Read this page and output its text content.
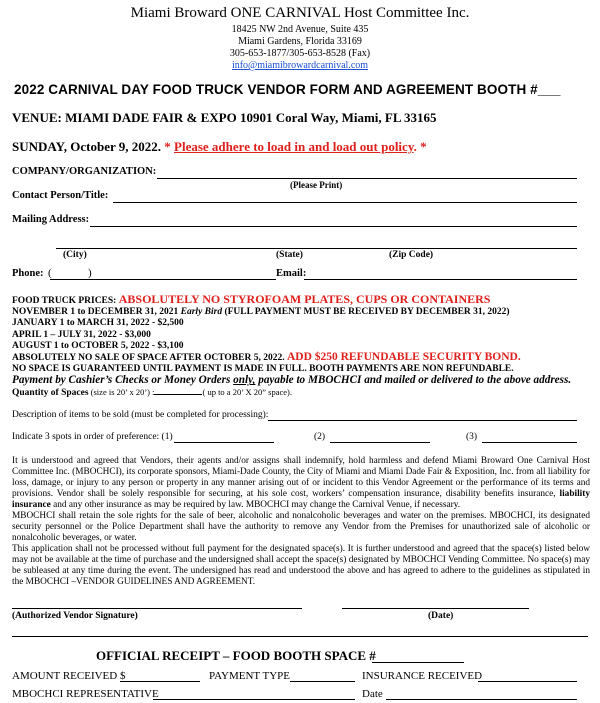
Miami Broward ONE CARNIVAL Host Committee Inc.
18425 NW 2nd Avenue, Suite 435
Miami Gardens, Florida 33169
305-653-1877/305-653-8528 (Fax)
info@miamibrowardcarnival.com
2022 CARNIVAL DAY FOOD TRUCK VENDOR FORM AND AGREEMENT BOOTH #___
VENUE: MIAMI DADE FAIR & EXPO 10901 Coral Way, Miami, FL 33165
SUNDAY, October 9, 2022. * Please adhere to load in and load out policy. *
COMPANY/ORGANIZATION:
(Please Print)
Contact Person/Title:
Mailing Address:
(City)	(State)	(Zip Code)
Phone: (	)	Email:
FOOD TRUCK PRICES: ABSOLUTELY NO STYROFOAM PLATES, CUPS OR CONTAINERS
NOVEMBER 1 to DECEMBER 31, 2021 Early Bird (FULL PAYMENT MUST BE RECEIVED BY DECEMBER 31, 2022)
JANUARY 1 to MARCH 31, 2022 - $2,500
APRIL 1 – JULY 31, 2022 - $3,000
AUGUST 1 to OCTOBER 5, 2022 - $3,100
ABSOLUTELY NO SALE OF SPACE AFTER OCTOBER 5, 2022. ADD $250 REFUNDABLE SECURITY BOND.
NO SPACE IS GUARANTEED UNTIL PAYMENT IS MADE IN FULL. BOOTH PAYMENTS ARE NON REFUNDABLE.
Payment by Cashier’s Checks or Money Orders only, payable to MBOCHCI and mailed or delivered to the above address.
Quantity of Spaces (size is 20’ x 20’) :	( up to a 20’ X 20” space).
Description of items to be sold (must be completed for processing):
Indicate 3 spots in order of preference: (1)	(2)	(3)
It is understood and agreed that Vendors, their agents and/or assigns shall indemnify, hold harmless and defend Miami Broward One Carnival Host Committee Inc. (MBOCHCI), its corporate sponsors, Miami-Dade County, the City of Miami and Miami Dade Fair & Exposition, Inc. from all liability for loss, damage, or injury to any person or property in any manner arising out of or incident to this Vendor Agreement or the performance of its terms and provisions. Vendor shall be solely responsible for securing, at his sole cost, workers’ compensation insurance, disability benefits insurance, liability insurance and any other insurance as may be required by law. MBOCHCI may change the Carnival Venue, if necessary.
MBOCHCI shall retain the sole rights for the sale of beer, alcoholic and nonalcoholic beverages and water on the premises. MBOCHCI, its designated security personnel or the Police Department shall have the authority to remove any Vendor from the Premises for unauthorized sale of alcoholic or nonalcoholic beverages, or water.
This application shall not be processed without full payment for the designated space(s). It is further understood and agreed that the space(s) listed below may not be available at the time of purchase and the undersigned shall accept the space(s) designated by MBOCHCI Vending Committee. No space(s) may be subleased at any time during the event. The undersigned has read and understood the above and has agreed to adhere to the guidelines as stipulated in the MBOCHCI –VENDOR GUIDELINES AND AGREEMENT.
(Authorized Vendor Signature)	(Date)
OFFICIAL RECEIPT – FOOD BOOTH SPACE #
AMOUNT RECEIVED $	PAYMENT TYPE	INSURANCE RECEIVED
MBOCHCI REPRESENTATIVE	Date
